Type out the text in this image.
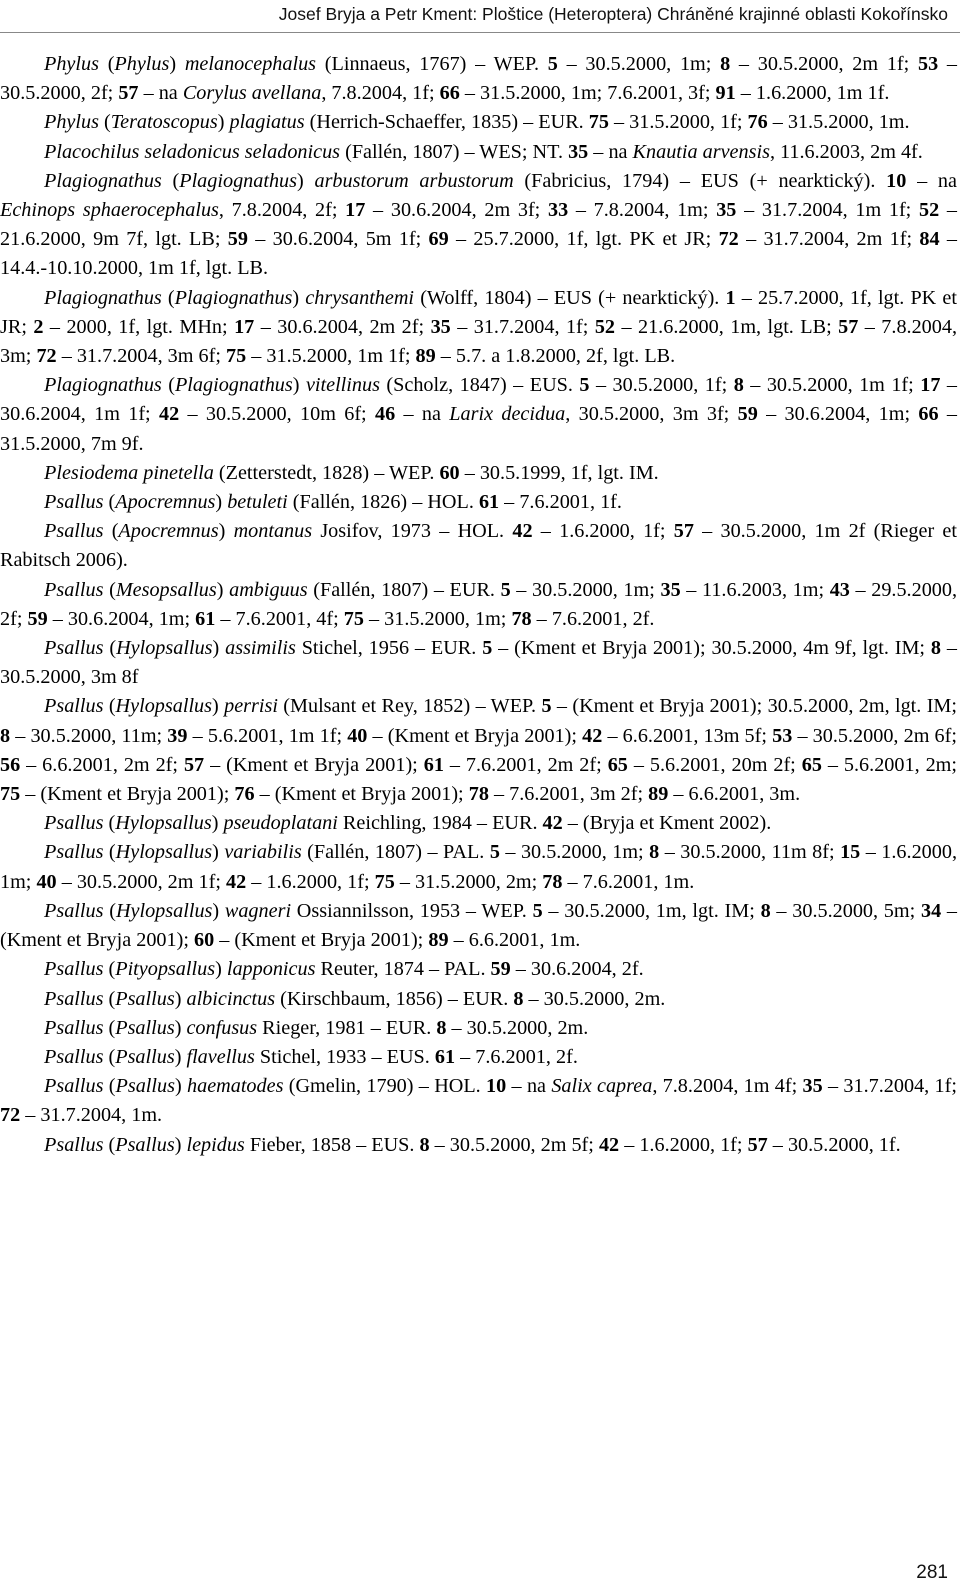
Josef Bryja a Petr Kment: Ploštice (Heteroptera) Chráněné krajinné oblasti Kokořínsko

Phylus (Phylus) melanocephalus (Linnaeus, 1767) – WEP. 5 – 30.5.2000, 1m; 8 – 30.5.2000, 2m 1f; 53 – 30.5.2000, 2f; 57 – na Corylus avellana, 7.8.2004, 1f; 66 – 31.5.2000, 1m; 7.6.2001, 3f; 91 – 1.6.2000, 1m 1f.

Phylus (Teratoscopus) plagiatus (Herrich-Schaeffer, 1835) – EUR. 75 – 31.5.2000, 1f; 76 – 31.5.2000, 1m.

Placochilus seladonicus seladonicus (Fallén, 1807) – WES; NT. 35 – na Knautia arvensis, 11.6.2003, 2m 4f.

Plagiognathus (Plagiognathus) arbustorum arbustorum (Fabricius, 1794) – EUS (+ nearktický). 10 – na Echinops sphaerocephalus, 7.8.2004, 2f; 17 – 30.6.2004, 2m 3f; 33 – 7.8.2004, 1m; 35 – 31.7.2004, 1m 1f; 52 – 21.6.2000, 9m 7f, lgt. LB; 59 – 30.6.2004, 5m 1f; 69 – 25.7.2000, 1f, lgt. PK et JR; 72 – 31.7.2004, 2m 1f; 84 – 14.4.-10.10.2000, 1m 1f, lgt. LB.

Plagiognathus (Plagiognathus) chrysanthemi (Wolff, 1804) – EUS (+ nearktický). 1 – 25.7.2000, 1f, lgt. PK et JR; 2 – 2000, 1f, lgt. MHn; 17 – 30.6.2004, 2m 2f; 35 – 31.7.2004, 1f; 52 – 21.6.2000, 1m, lgt. LB; 57 – 7.8.2004, 3m; 72 – 31.7.2004, 3m 6f; 75 – 31.5.2000, 1m 1f; 89 – 5.7. a 1.8.2000, 2f, lgt. LB.

Plagiognathus (Plagiognathus) vitellinus (Scholz, 1847) – EUS. 5 – 30.5.2000, 1f; 8 – 30.5.2000, 1m 1f; 17 – 30.6.2004, 1m 1f; 42 – 30.5.2000, 10m 6f; 46 – na Larix decidua, 30.5.2000, 3m 3f; 59 – 30.6.2004, 1m; 66 – 31.5.2000, 7m 9f.

Plesiodema pinetella (Zetterstedt, 1828) – WEP. 60 – 30.5.1999, 1f, lgt. IM.

Psallus (Apocremnus) betuleti (Fallén, 1826) – HOL. 61 – 7.6.2001, 1f.

Psallus (Apocremnus) montanus Josifov, 1973 – HOL. 42 – 1.6.2000, 1f; 57 – 30.5.2000, 1m 2f (Rieger et Rabitsch 2006).

Psallus (Mesopsallus) ambiguus (Fallén, 1807) – EUR. 5 – 30.5.2000, 1m; 35 – 11.6.2003, 1m; 43 – 29.5.2000, 2f; 59 – 30.6.2004, 1m; 61 – 7.6.2001, 4f; 75 – 31.5.2000, 1m; 78 – 7.6.2001, 2f.

Psallus (Hylopsallus) assimilis Stichel, 1956 – EUR. 5 – (Kment et Bryja 2001); 30.5.2000, 4m 9f, lgt. IM; 8 – 30.5.2000, 3m 8f

Psallus (Hylopsallus) perrisi (Mulsant et Rey, 1852) – WEP. 5 – (Kment et Bryja 2001); 30.5.2000, 2m, lgt. IM; 8 – 30.5.2000, 11m; 39 – 5.6.2001, 1m 1f; 40 – (Kment et Bryja 2001); 42 – 6.6.2001, 13m 5f; 53 – 30.5.2000, 2m 6f; 56 – 6.6.2001, 2m 2f; 57 – (Kment et Bryja 2001); 61 – 7.6.2001, 2m 2f; 65 – 5.6.2001, 20m 2f; 65 – 5.6.2001, 2m; 75 – (Kment et Bryja 2001); 76 – (Kment et Bryja 2001); 78 – 7.6.2001, 3m 2f; 89 – 6.6.2001, 3m.

Psallus (Hylopsallus) pseudoplatani Reichling, 1984 – EUR. 42 – (Bryja et Kment 2002).

Psallus (Hylopsallus) variabilis (Fallén, 1807) – PAL. 5 – 30.5.2000, 1m; 8 – 30.5.2000, 11m 8f; 15 – 1.6.2000, 1m; 40 – 30.5.2000, 2m 1f; 42 – 1.6.2000, 1f; 75 – 31.5.2000, 2m; 78 – 7.6.2001, 1m.

Psallus (Hylopsallus) wagneri Ossiannilsson, 1953 – WEP. 5 – 30.5.2000, 1m, lgt. IM; 8 – 30.5.2000, 5m; 34 – (Kment et Bryja 2001); 60 – (Kment et Bryja 2001); 89 – 6.6.2001, 1m.

Psallus (Pityopsallus) lapponicus Reuter, 1874 – PAL. 59 – 30.6.2004, 2f.

Psallus (Psallus) albicinctus (Kirschbaum, 1856) – EUR. 8 – 30.5.2000, 2m.

Psallus (Psallus) confusus Rieger, 1981 – EUR. 8 – 30.5.2000, 2m.

Psallus (Psallus) flavellus Stichel, 1933 – EUS. 61 – 7.6.2001, 2f.

Psallus (Psallus) haematodes (Gmelin, 1790) – HOL. 10 – na Salix caprea, 7.8.2004, 1m 4f; 35 – 31.7.2004, 1f; 72 – 31.7.2004, 1m.

Psallus (Psallus) lepidus Fieber, 1858 – EUS. 8 – 30.5.2000, 2m 5f; 42 – 1.6.2000, 1f; 57 – 30.5.2000, 1f.

281
